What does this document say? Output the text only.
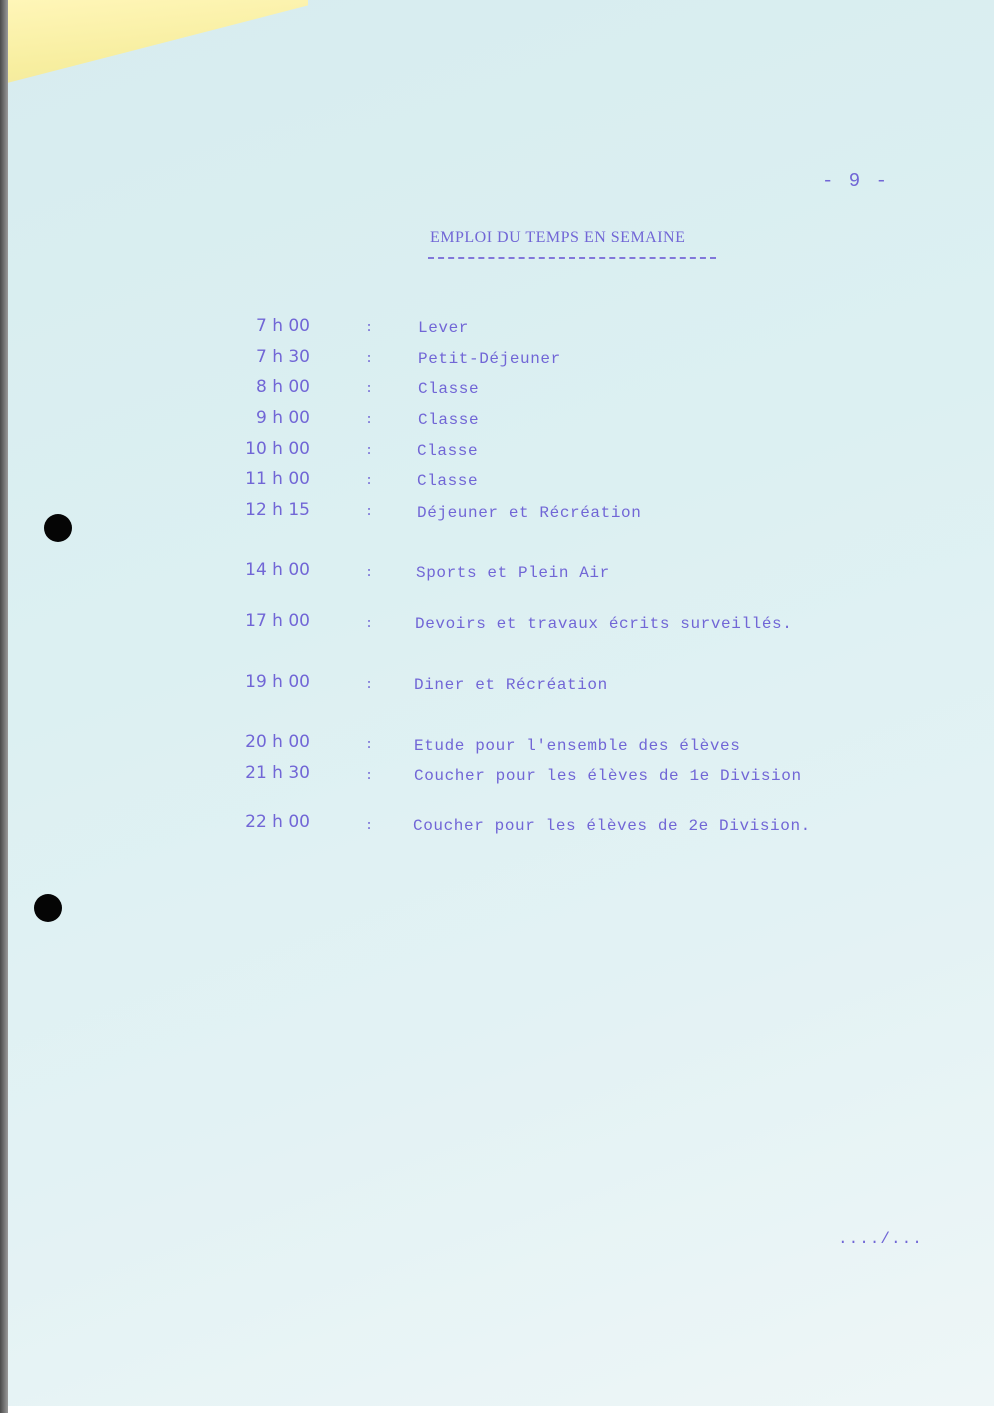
- 9 -
EMPLOI DU TEMPS EN SEMAINE
7 h 00	:	Lever
7 h 30	:	Petit-Déjeuner
8 h 00	:	Classe
9 h 00	:	Classe
10 h 00	:	Classe
11 h 00	:	Classe
12 h 15	:	Déjeuner et Récréation
14 h 00	:	Sports et Plein Air
17 h 00	:	Devoirs et travaux écrits surveillés.
19 h 00	:	Diner et Récréation
20 h 00	:	Etude pour l'ensemble des élèves
21 h 30	:	Coucher pour les élèves de 1e Division
22 h 00	:	Coucher pour les élèves de 2e Division.
..../...
